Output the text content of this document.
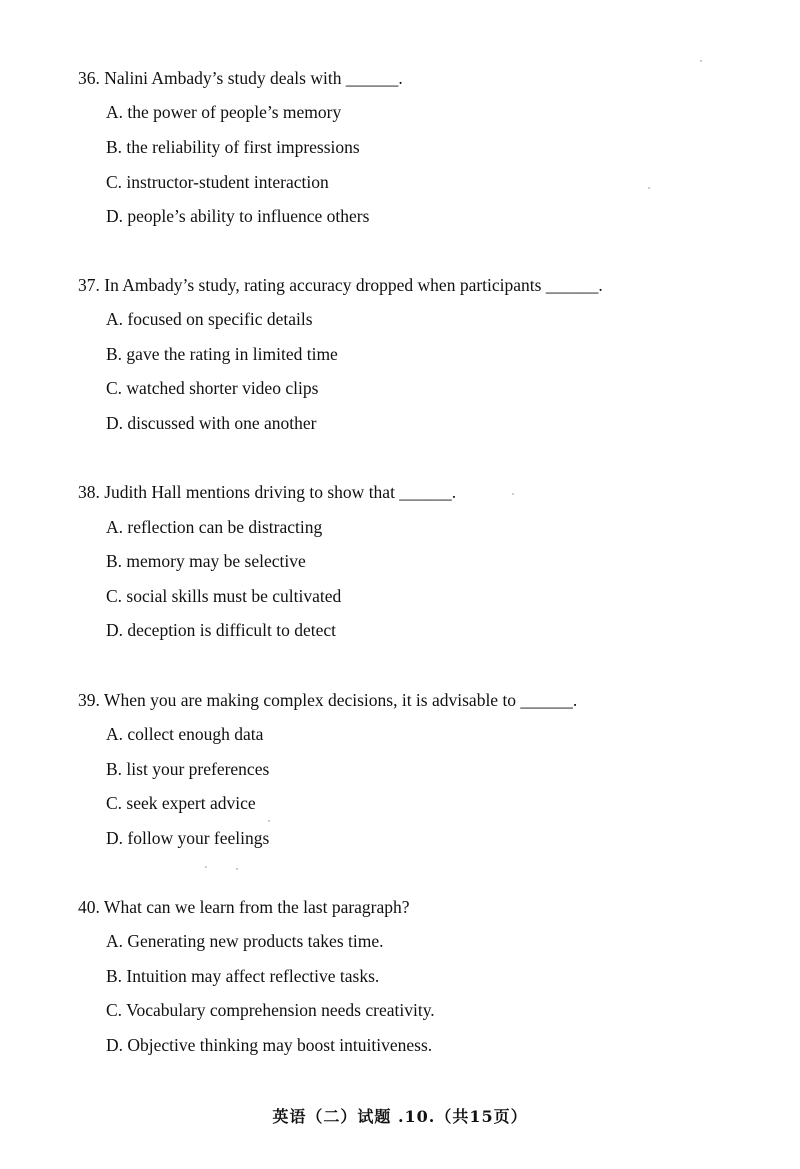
36. Nalini Ambady’s study deals with ______.
A. the power of people’s memory
B. the reliability of first impressions
C. instructor-student interaction
D. people’s ability to influence others
37. In Ambady’s study, rating accuracy dropped when participants ______.
A. focused on specific details
B. gave the rating in limited time
C. watched shorter video clips
D. discussed with one another
38. Judith Hall mentions driving to show that ______.
A. reflection can be distracting
B. memory may be selective
C. social skills must be cultivated
D. deception is difficult to detect
39. When you are making complex decisions, it is advisable to ______.
A. collect enough data
B. list your preferences
C. seek expert advice
D. follow your feelings
40. What can we learn from the last paragraph?
A. Generating new products takes time.
B. Intuition may affect reflective tasks.
C. Vocabulary comprehension needs creativity.
D. Objective thinking may boost intuitiveness.
英语（二）试题 .10.（共15页）
